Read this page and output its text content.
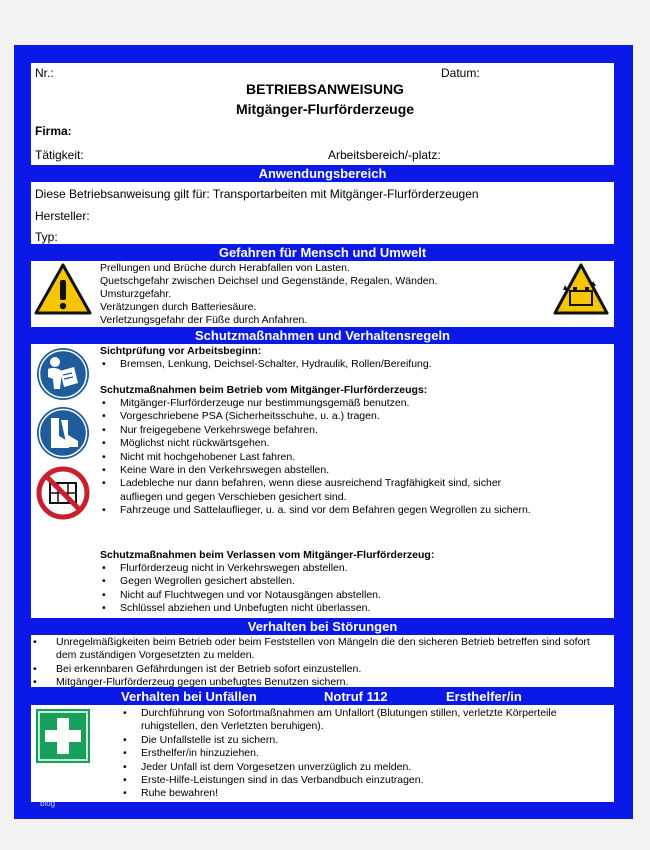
Nr.:	Datum:
BETRIEBSANWEISUNG
Mitgänger-Flurförderzeuge
Firma:
Tätigkeit:	Arbeitsbereich/-platz:
Anwendungsbereich
Diese Betriebsanweisung gilt für: Transportarbeiten mit Mitgänger-Flurförderzeugen
Hersteller:
Typ:
Gefahren für Mensch und Umwelt
Prellungen und Brüche durch Herabfallen von Lasten.
Quetschgefahr zwischen Deichsel und Gegenstände, Regalen, Wänden.
Umsturzgefahr.
Verätzungen durch Batteriesäure.
Verletzungsgefahr der Füße durch Anfahren.
Schutzmaßnahmen und Verhaltensregeln
Sichtprüfung vor Arbeitsbeginn:
• Bremsen, Lenkung, Deichsel-Schalter, Hydraulik, Rollen/Bereifung.
Schutzmaßnahmen beim Betrieb vom Mitgänger-Flurförderzeugs:
• Mitgänger-Flurförderzeuge nur bestimmungsgemäß benutzen.
• Vorgeschriebene PSA (Sicherheitsschuhe, u. a.) tragen.
• Nur freigegebene Verkehrswege befahren.
• Möglichst nicht rückwärtsgehen.
• Nicht mit hochgehobener Last fahren.
• Keine Ware in den Verkehrswegen abstellen.
• Ladebleche nur dann befahren, wenn diese ausreichend Tragfähigkeit sind, sicher aufliegen und gegen Verschieben gesichert sind.
• Fahrzeuge und Sattelauflieger, u. a. sind vor dem Befahren gegen Wegrollen zu sichern.
Schutzmaßnahmen beim Verlassen vom Mitgänger-Flurförderzeug:
• Flurförderzeug nicht in Verkehrswegen abstellen.
• Gegen Wegrollen gesichert abstellen.
• Nicht auf Fluchtwegen und vor Notausgängen abstellen.
• Schlüssel abziehen und Unbefugten nicht überlassen.
Verhalten bei Störungen
• Unregelmäßigkeiten beim Betrieb oder beim Feststellen von Mängeln die den sicheren Betrieb betreffen sind sofort dem zuständigen Vorgesetzten zu melden.
• Bei erkennbaren Gefährdungen ist der Betrieb sofort einzustellen.
• Mitgänger-Flurförderzeug gegen unbefugtes Benutzen sichern.
Verhalten bei Unfällen	Notruf 112	Ersthelfer/in
• Durchführung von Sofortmaßnahmen am Unfallort (Blutungen stillen, verletzte Körperteile ruhigstellen, den Verletzten beruhigen).
• Die Unfallstelle ist zu sichern.
• Ersthelfer/in hinzuziehen.
• Jeder Unfall ist dem Vorgesetzen unverzüglich zu melden.
• Erste-Hilfe-Leistungen sind in das Verbandbuch einzutragen.
• Ruhe bewahren!
blog
